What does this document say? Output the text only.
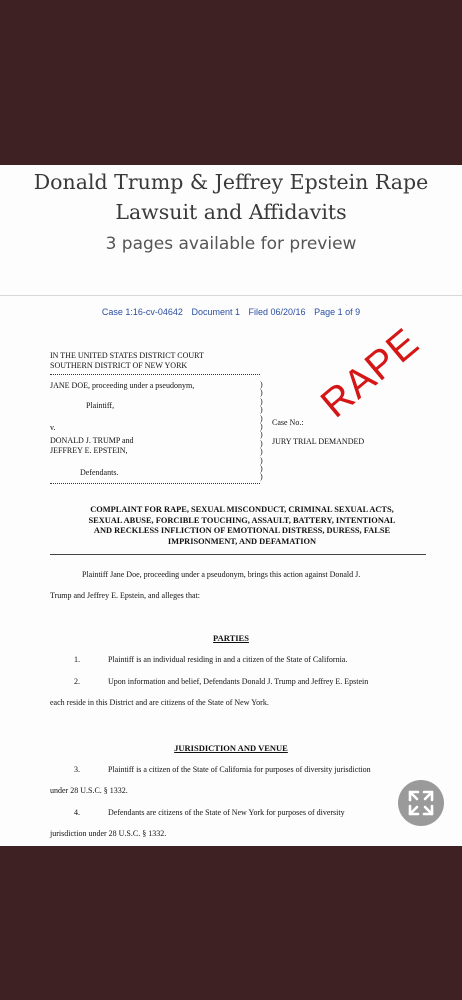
Donald Trump & Jeffrey Epstein Rape
Lawsuit and Affidavits
3 pages available for preview
Case 1:16-cv-04642 Document 1 Filed 06/20/16 Page 1 of 9
RAPE
IN THE UNITED STATES DISTRICT COURT
SOUTHERN DISTRICT OF NEW YORK
JANE DOE, proceeding under a pseudonym,
Plaintiff,
v.
DONALD J. TRUMP and
JEFFREY E. EPSTEIN,
Defendants.
)
)
)
)
)
)
)
)
)
)
)
)
Case No.:
JURY TRIAL DEMANDED
COMPLAINT FOR RAPE, SEXUAL MISCONDUCT, CRIMINAL SEXUAL ACTS,
SEXUAL ABUSE, FORCIBLE TOUCHING, ASSAULT, BATTERY, INTENTIONAL
AND RECKLESS INFLICTION OF EMOTIONAL DISTRESS, DURESS, FALSE
IMPRISONMENT, AND DEFAMATION
Plaintiff Jane Doe, proceeding under a pseudonym, brings this action against Donald J.
Trump and Jeffrey E. Epstein, and alleges that:
PARTIES
1.	Plaintiff is an individual residing in and a citizen of the State of California.
2.	Upon information and belief, Defendants Donald J. Trump and Jeffrey E. Epstein
each reside in this District and are citizens of the State of New York.
JURISDICTION AND VENUE
3.	Plaintiff is a citizen of the State of California for purposes of diversity jurisdiction
under 28 U.S.C. § 1332.
4.	Defendants are citizens of the State of New York for purposes of diversity
jurisdiction under 28 U.S.C. § 1332.
